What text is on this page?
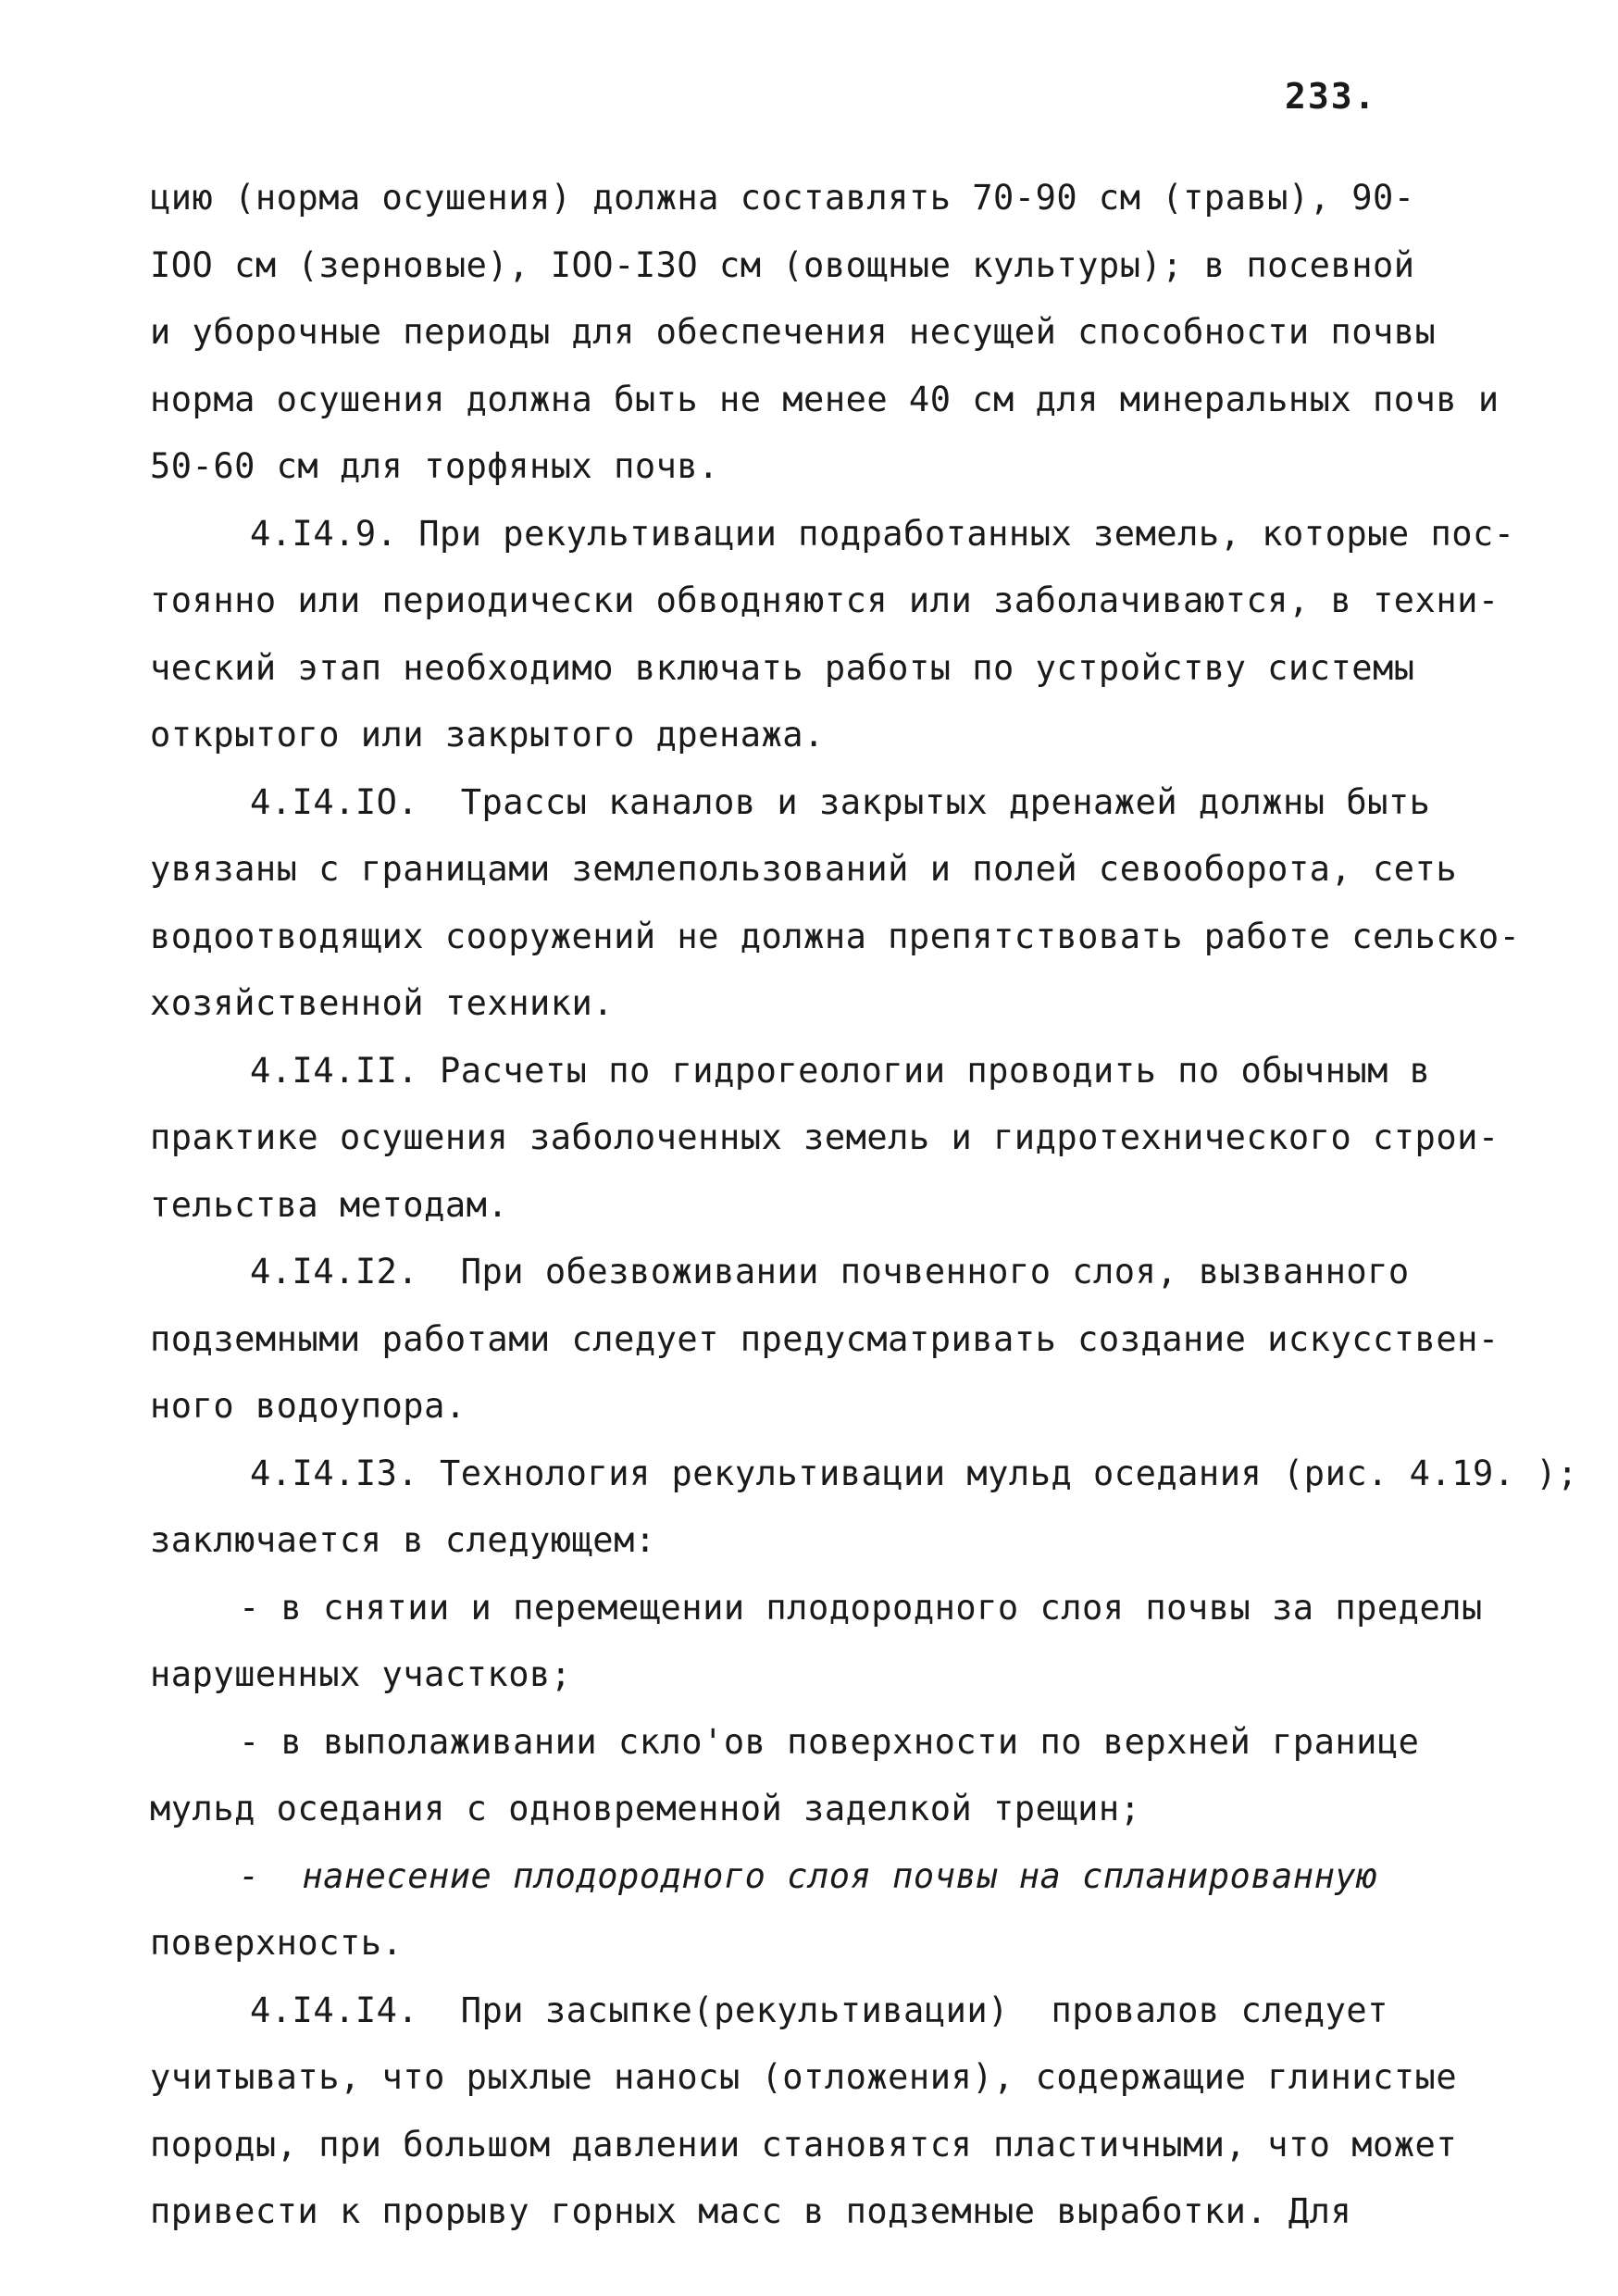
233.
цию (норма осушения) должна составлять 70-90 см (травы), 90-
IOO см (зерновые), IOO-I3O см (овощные культуры); в посевной
и уборочные периоды для обеспечения несущей способности почвы
норма осушения должна быть не менее 40 см для минеральных почв и
50-60 см для торфяных почв.
4.I4.9. При рекультивации подработанных земель, которые пос-
тоянно или периодически обводняются или заболачиваются, в техни-
ческий этап необходимо включать работы по устройству системы
открытого или закрытого дренажа.
4.I4.IO.  Трассы каналов и закрытых дренажей должны быть
увязаны с границами землепользований и полей севооборота, сеть
водоотводящих сооружений не должна препятствовать работе сельско-
хозяйственной техники.
4.I4.II. Расчеты по гидрогеологии проводить по обычным в
практике осушения заболоченных земель и гидротехнического строи-
тельства методам.
4.I4.I2.  При обезвоживании почвенного слоя, вызванного
подземными работами следует предусматривать создание искусствен-
ного водоупора.
4.I4.I3. Технология рекультивации мульд оседания (рис. 4.19. );
заключается в следующем:
- в снятии и перемещении плодородного слоя почвы за пределы
нарушенных участков;
- в выполаживании скло'ов поверхности по верхней границе
мульд оседания с одновременной заделкой трещин;
-  нанесение плодородного слоя почвы на спланированную
поверхность.
4.I4.I4.  При засыпке(рекультивации)  провалов следует
учитывать, что рыхлые наносы (отложения), содержащие глинистые
породы, при большом давлении становятся пластичными, что может
привести к прорыву горных масс в подземные выработки. Для
